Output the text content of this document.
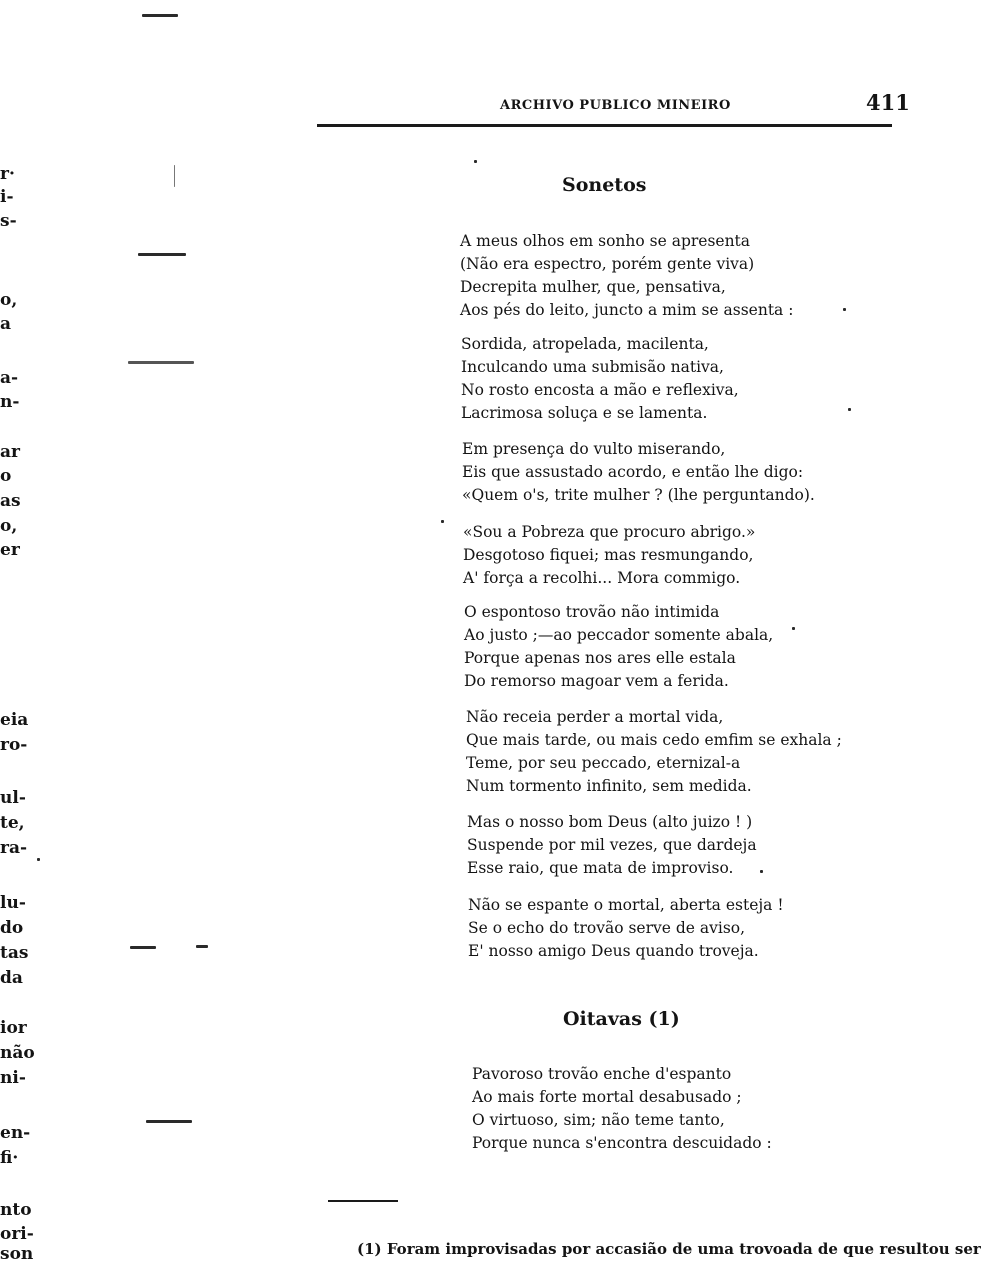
r·
i-
s-
o,
a
a-
n-
ar
o
as
o,
er
eia
ro-
ul-
te,
ra-
lu-
do
tas
da
ior
não
ni-
en-
fi·
nto
ori-
son
ARCHIVO PUBLICO MINEIRO	411
Sonetos
A meus olhos em sonho se apresenta
(Não era espectro, porém gente viva)
Decrepita mulher, que, pensativa,
Aos pés do leito, juncto a mim se assenta :
Sordida, atropelada, macilenta,
Inculcando uma submisão nativa,
No rosto encosta a mão e reflexiva,
Lacrimosa soluça e se lamenta.
Em presença do vulto miserando,
Eis que assustado acordo, e então lhe digo:
«Quem o's, trite mulher ? (lhe perguntando).
«Sou a Pobreza que procuro abrigo.»
Desgotoso fiquei; mas resmungando,
A' força a recolhi... Mora commigo.
O espontoso trovão não intimida
Ao justo ;—ao peccador somente abala,
Porque apenas nos ares elle estala
Do remorso magoar vem a ferida.
Não receia perder a mortal vida,
Que mais tarde, ou mais cedo emfim se exhala ;
Teme, por seu peccado, eternizal-a
Num tormento infinito, sem medida.
Mas o nosso bom Deus (alto juizo ! )
Suspende por mil vezes, que dardeja
Esse raio, que mata de improviso.
Não se espante o mortal, aberta esteja !
Se o echo do trovão serve de aviso,
E' nosso amigo Deus quando troveja.
Oitavas (1)
Pavoroso trovão enche d'espanto
Ao mais forte mortal desabusado ;
O virtuoso, sim; não teme tanto,
Porque nunca s'encontra descuidado :
(1) Foram improvisadas por accasião de uma trovoada de que resultou ser
